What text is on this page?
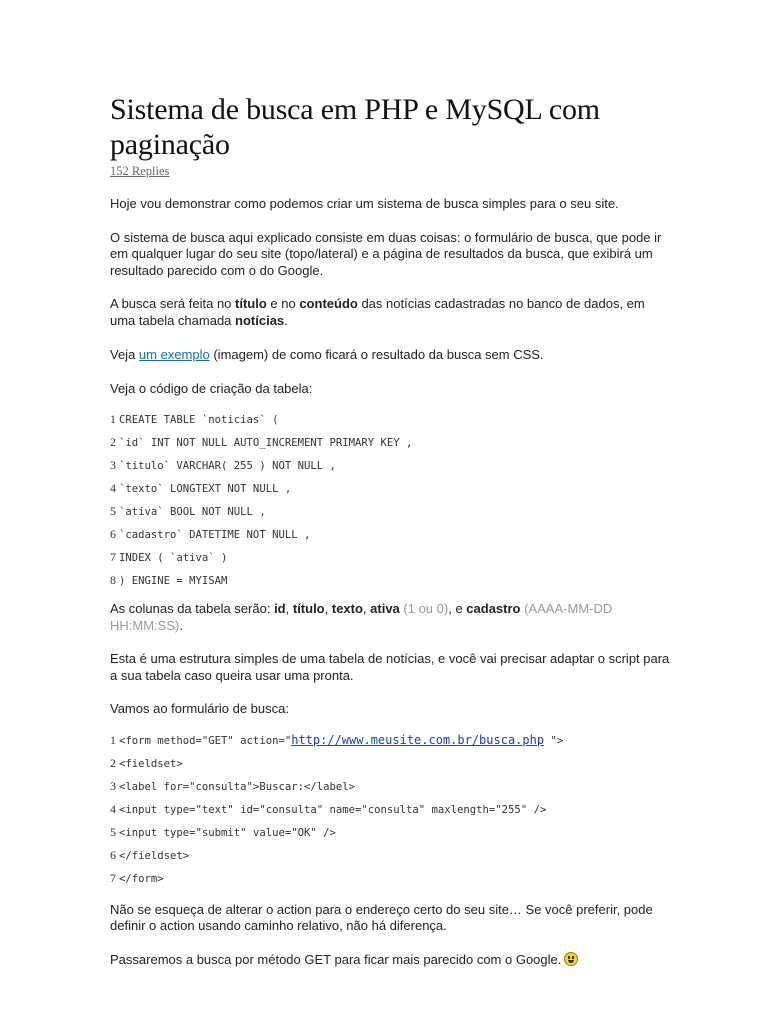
Sistema de busca em PHP e MySQL com paginação
152 Replies

Hoje vou demonstrar como podemos criar um sistema de busca simples para o seu site.

O sistema de busca aqui explicado consiste em duas coisas: o formulário de busca, que pode ir em qualquer lugar do seu site (topo/lateral) e a página de resultados da busca, que exibirá um resultado parecido com o do Google.

A busca será feita no título e no conteúdo das notícias cadastradas no banco de dados, em uma tabela chamada notícias.

Veja um exemplo (imagem) de como ficará o resultado da busca sem CSS.

Veja o código de criação da tabela:

1 CREATE TABLE `noticias` (
2 `id` INT NOT NULL AUTO_INCREMENT PRIMARY KEY ,
3 `titulo` VARCHAR( 255 ) NOT NULL ,
4 `texto` LONGTEXT NOT NULL ,
5 `ativa` BOOL NOT NULL ,
6 `cadastro` DATETIME NOT NULL ,
7 INDEX ( `ativa` )
8 ) ENGINE = MYISAM

As colunas da tabela serão: id, título, texto, ativa (1 ou 0), e cadastro (AAAA-MM-DD HH:MM:SS).

Esta é uma estrutura simples de uma tabela de notícias, e você vai precisar adaptar o script para a sua tabela caso queira usar uma pronta.

Vamos ao formulário de busca:

1 <form method="GET" action="http://www.meusite.com.br/busca.php ">
2 <fieldset>
3 <label for="consulta">Buscar:</label>
4 <input type="text" id="consulta" name="consulta" maxlength="255" />
5 <input type="submit" value="OK" />
6 </fieldset>
7 </form>

Não se esqueça de alterar o action para o endereço certo do seu site… Se você preferir, pode definir o action usando caminho relativo, não há diferença.

Passaremos a busca por método GET para ficar mais parecido com o Google.
